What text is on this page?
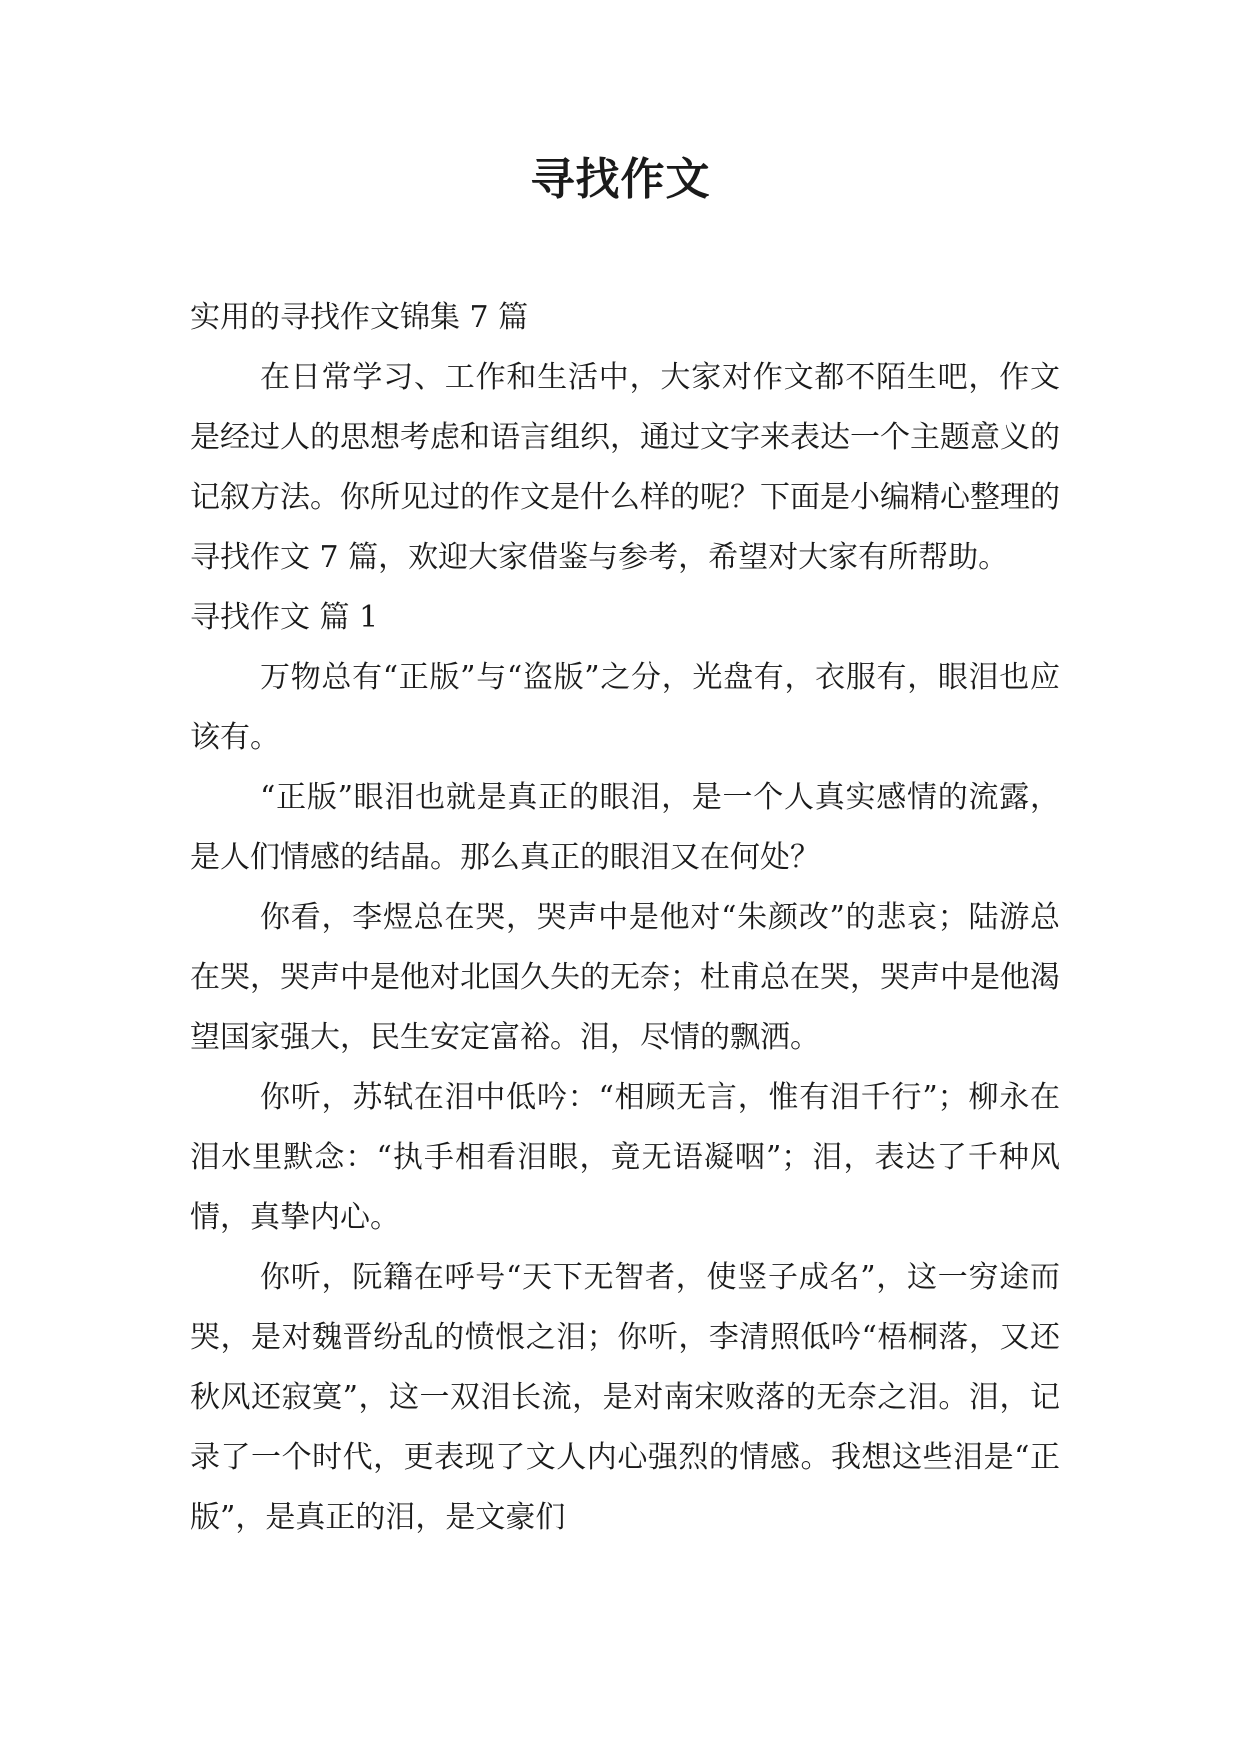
寻找作文

实用的寻找作文锦集 7 篇

在日常学习、工作和生活中，大家对作文都不陌生吧，作文是经过人的思想考虑和语言组织，通过文字来表达一个主题意义的记叙方法。你所见过的作文是什么样的呢？下面是小编精心整理的寻找作文 7 篇，欢迎大家借鉴与参考，希望对大家有所帮助。

寻找作文 篇 1

万物总有“正版”与“盗版”之分，光盘有，衣服有，眼泪也应该有。

“正版”眼泪也就是真正的眼泪，是一个人真实感情的流露，是人们情感的结晶。那么真正的眼泪又在何处？

你看，李煜总在哭，哭声中是他对“朱颜改”的悲哀；陆游总在哭，哭声中是他对北国久失的无奈；杜甫总在哭，哭声中是他渴望国家强大，民生安定富裕。泪，尽情的飘洒。

你听，苏轼在泪中低吟：“相顾无言，惟有泪千行”；柳永在泪水里默念：“执手相看泪眼，竟无语凝咽”；泪，表达了千种风情，真挚内心。

你听，阮籍在呼号“天下无智者，使竖子成名”，这一穷途而哭，是对魏晋纷乱的愤恨之泪；你听，李清照低吟“梧桐落，又还秋风还寂寞”，这一双泪长流，是对南宋败落的无奈之泪。泪，记录了一个时代，更表现了文人内心强烈的情感。我想这些泪是“正版”，是真正的泪，是文豪们
